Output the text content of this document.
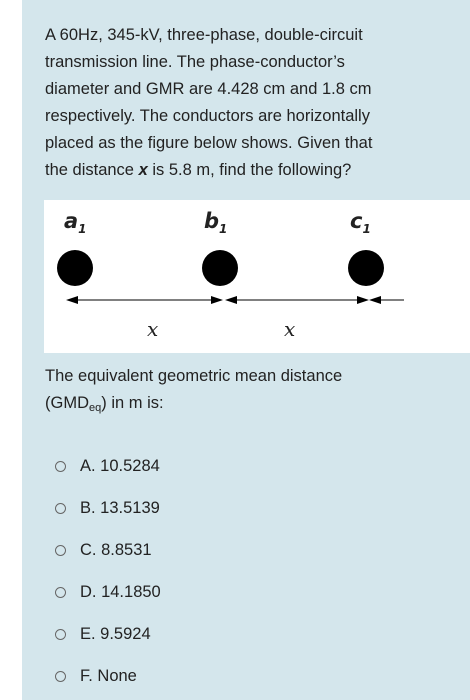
A 60Hz, 345-kV, three-phase, double-circuit
transmission line. The phase-conductor’s
diameter and GMR are 4.428 cm and 1.8 cm
respectively. The conductors are horizontally
placed as the figure below shows. Given that
the distance x is 5.8 m, find the following?
$a_1$	$b_1$	$c_1$
x	x
The equivalent geometric mean distance
$(GMD_{eq})$ in m is:
A. 10.5284
B. 13.5139
C. 8.8531
D. 14.1850
E. 9.5924
F. None
